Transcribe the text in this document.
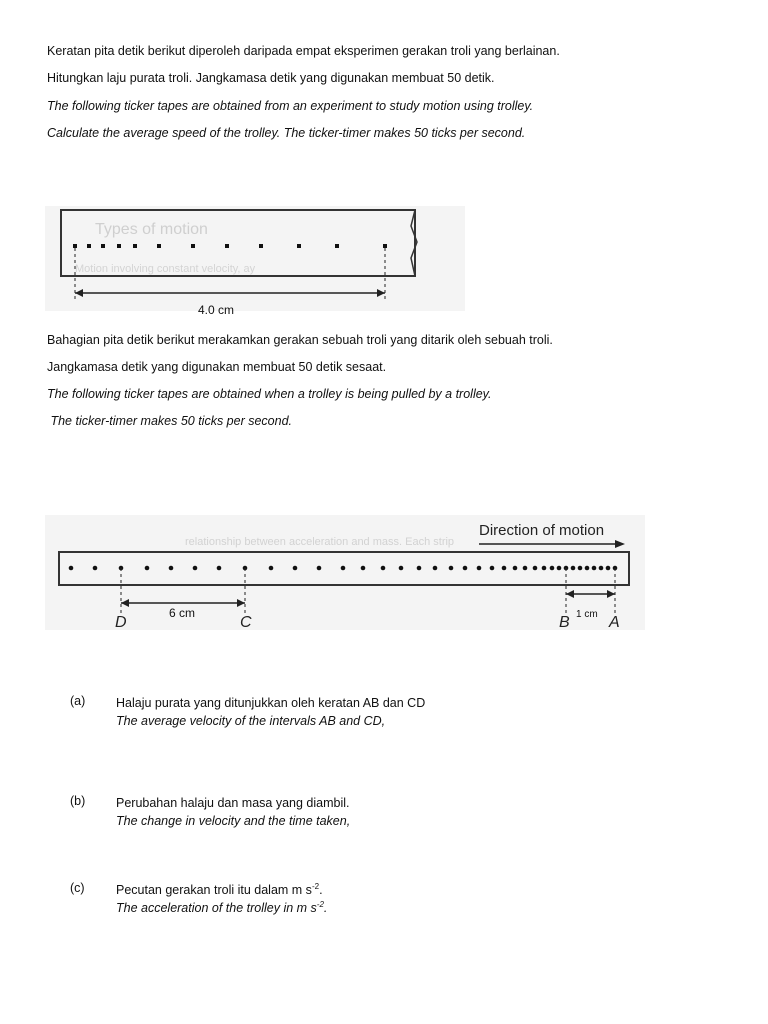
Keratan pita detik berikut diperoleh daripada empat eksperimen gerakan troli yang berlainan.
Hitungkan laju purata troli. Jangkamasa detik yang digunakan membuat 50 detik.
The following ticker tapes are obtained from an experiment to study motion using trolley.
Calculate the average speed of the trolley. The ticker-timer makes 50 ticks per second.
Types of motion
Motion involving constant velocity, ay
4.0 cm
Bahagian pita detik berikut merakamkan gerakan sebuah troli yang ditarik oleh sebuah troli.
Jangkamasa detik yang digunakan membuat 50 detik sesaat.
The following ticker tapes are obtained when a trolley is being pulled by a trolley.
The ticker-timer makes 50 ticks per second.
relationship between acceleration and mass. Each strip
Direction of motion
D	C	B A
6 cm	1 cm
(a) Halaju purata yang ditunjukkan oleh keratan AB dan CD
The average velocity of the intervals AB and CD,
(b) Perubahan halaju dan masa yang diambil.
The change in velocity and the time taken,
(c)	Pecutan gerakan troli itu dalam m $s^{-2}$.
The acceleration of the trolley in m $s^{-2}$.
